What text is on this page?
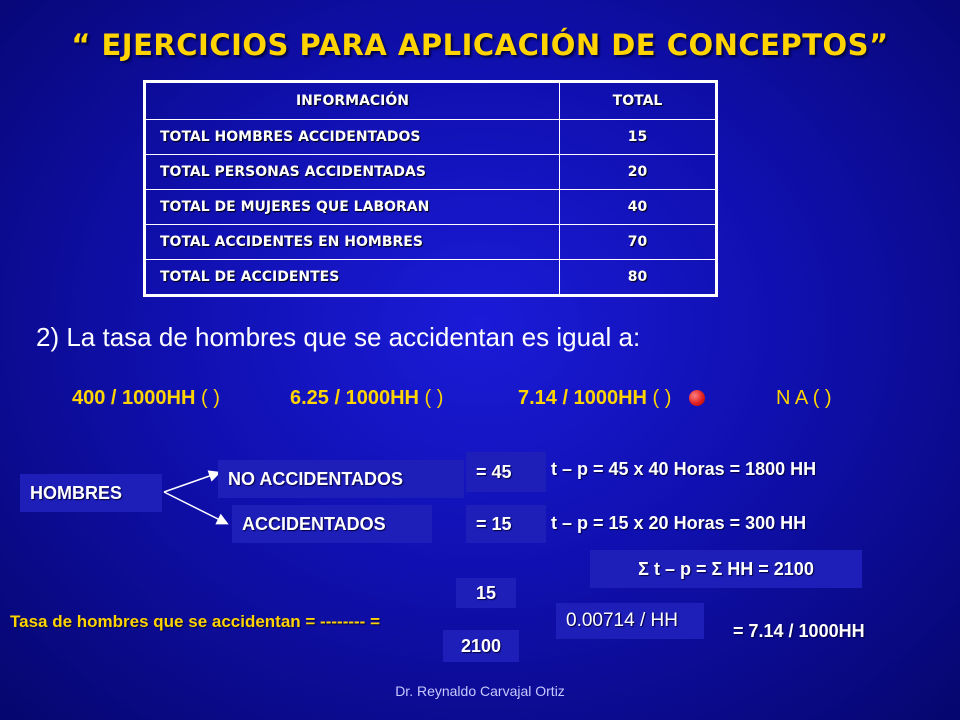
“ EJERCICIOS PARA APLICACIÓN DE CONCEPTOS”
INFORMACIÓN	TOTAL
TOTAL HOMBRES ACCIDENTADOS	15
TOTAL PERSONAS ACCIDENTADAS	20
TOTAL DE MUJERES QUE LABORAN	40
TOTAL ACCIDENTES EN HOMBRES	70
TOTAL DE ACCIDENTES	80
2) La tasa de hombres que se accidentan es igual a:
400 / 1000HH ( )	6.25 / 1000HH ( )	7.14 / 1000HH ( )	N A ( )
HOMBRES
NO ACCIDENTADOS
ACCIDENTADOS
= 45
= 15
t – p = 45 x 40 Horas = 1800 HH
t – p = 15 x 20 Horas = 300 HH
Σ t – p = Σ HH = 2100
15
Tasa de hombres que se accidentan = -------- =	0.00714 / HH
2100
= 7.14 / 1000HH
Dr. Reynaldo Carvajal Ortiz
